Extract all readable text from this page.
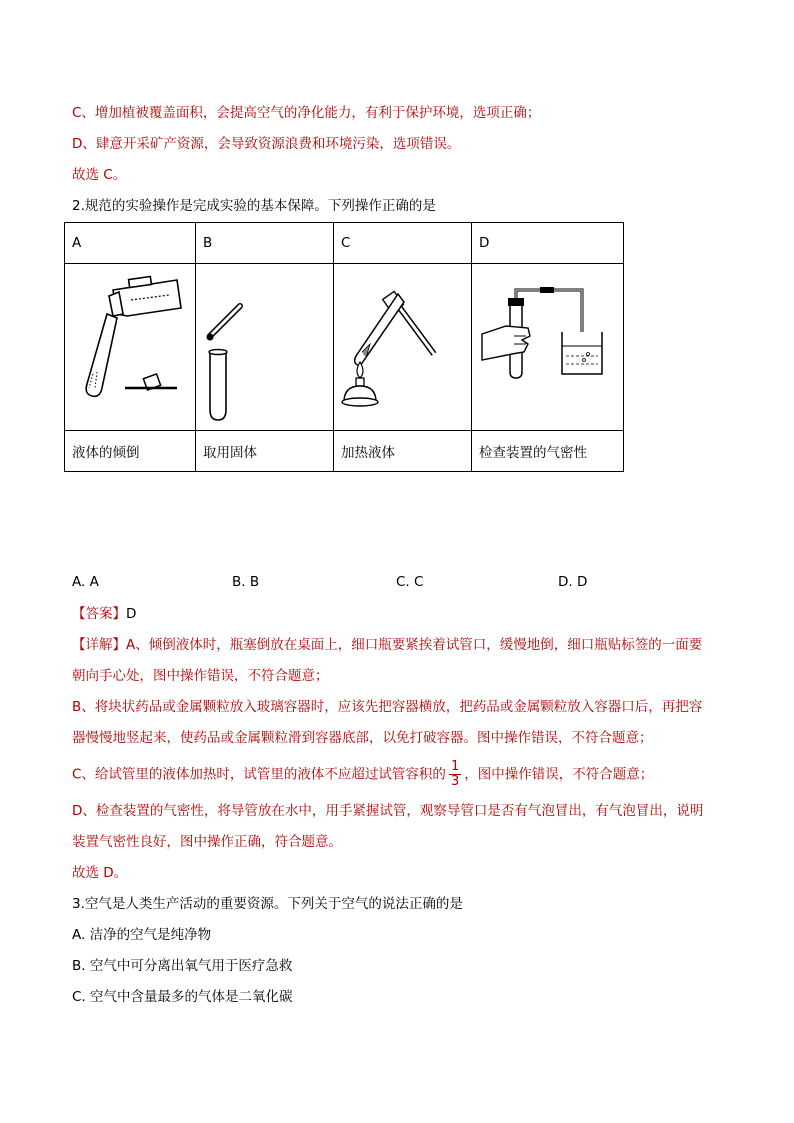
C、增加植被覆盖面积，会提高空气的净化能力，有利于保护环境，选项正确；
D、肆意开采矿产资源，会导致资源浪费和环境污染，选项错误。
故选 C。
2.规范的实验操作是完成实验的基本保障。下列操作正确的是
A	B	C	D

液体的倾倒	取用固体	加热液体	检查装置的气密性
A. A	B. B	C. C	D. D
【答案】D
【详解】A、倾倒液体时，瓶塞倒放在桌面上，细口瓶要紧挨着试管口，缓慢地倒，细口瓶贴标签的一面要
朝向手心处，图中操作错误，不符合题意；
B、将块状药品或金属颗粒放入玻璃容器时，应该先把容器横放，把药品或金属颗粒放入容器口后，再把容
器慢慢地竖起来，使药品或金属颗粒滑到容器底部，以免打破容器。图中操作错误，不符合题意；
C、给试管里的液体加热时，试管里的液体不应超过试管容积的 $\frac{1}{3}$ ，图中操作错误，不符合题意；
D、检查装置的气密性，将导管放在水中，用手紧握试管，观察导管口是否有气泡冒出，有气泡冒出，说明
装置气密性良好，图中操作正确，符合题意。
故选 D。
3.空气是人类生产活动的重要资源。下列关于空气的说法正确的是
A. 洁净的空气是纯净物
B. 空气中可分离出氧气用于医疗急救
C. 空气中含量最多的气体是二氧化碳
